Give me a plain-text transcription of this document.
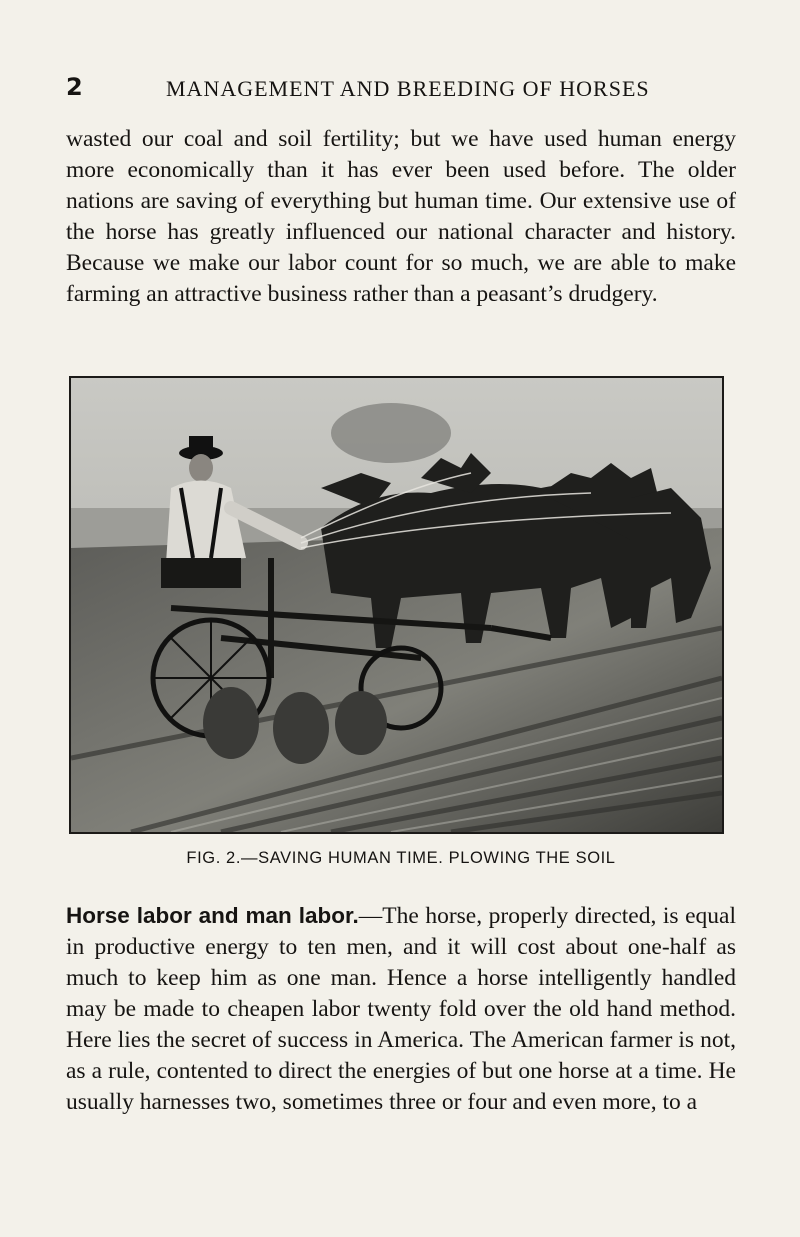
2	MANAGEMENT AND BREEDING OF HORSES

wasted our coal and soil fertility; but we have used human energy more economically than it has ever been used before. The older nations are saving of everything but human time. Our extensive use of the horse has greatly influenced our national character and history. Because we make our labor count for so much, we are able to make farming an attractive business rather than a peasant’s drudgery.

FIG. 2.—SAVING HUMAN TIME. PLOWING THE SOIL

Horse labor and man labor.—The horse, properly directed, is equal in productive energy to ten men, and it will cost about one-half as much to keep him as one man. Hence a horse intelligently handled may be made to cheapen labor twenty fold over the old hand method. Here lies the secret of success in America. The American farmer is not, as a rule, contented to direct the energies of but one horse at a time. He usually harnesses two, sometimes three or four and even more, to a
